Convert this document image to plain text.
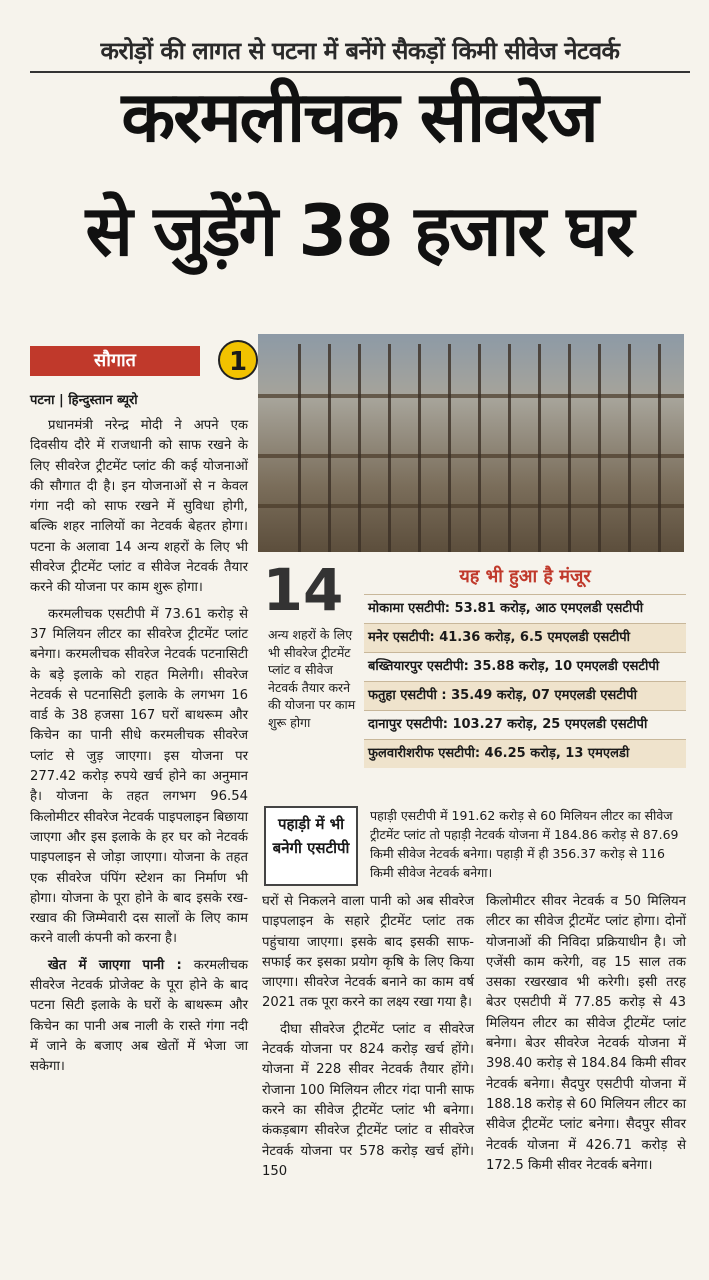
करोड़ों की लागत से पटना में बनेंगे सैकड़ों किमी सीवेज नेटवर्क
करमलीचक सीवरेज
से जुड़ेंगे 38 हजार घर
सौगात	1
पटना | हिन्दुस्तान ब्यूरो

प्रधानमंत्री नरेन्द्र मोदी ने अपने एक दिवसीय दौरे में राजधानी को साफ रखने के लिए सीवरेज ट्रीटमेंट प्लांट की कई योजनाओं की सौगात दी है। इन योजनाओं से न केवल गंगा नदी को साफ रखने में सुविधा होगी, बल्कि शहर नालियों का नेटवर्क बेहतर होगा। पटना के अलावा 14 अन्य शहरों के लिए भी सीवरेज ट्रीटमेंट प्लांट व सीवेज नेटवर्क तैयार करने की योजना पर काम शुरू होगा।

करमलीचक एसटीपी में 73.61 करोड़ से 37 मिलियन लीटर का सीवरेज ट्रीटमेंट प्लांट बनेगा। करमलीचक सीवरेज नेटवर्क पटनासिटी के बड़े इलाके को राहत मिलेगी। सीवरेज नेटवर्क से पटनासिटी इलाके के लगभग 16 वार्ड के 38 हजसा 167 घरों बाथरूम और किचेन का पानी सीधे करमलीचक सीवरेज प्लांट से जुड़ जाएगा। इस योजना पर 277.42 करोड़ रुपये खर्च होने का अनुमान है। योजना के तहत लगभग 96.54 किलोमीटर सीवरेज नेटवर्क पाइपलाइन बिछाया जाएगा और इस इलाके के हर घर को नेटवर्क पाइपलाइन से जोड़ा जाएगा। योजना के तहत एक सीवरेज पंपिंग स्टेशन का निर्माण भी होगा। योजना के पूरा होने के बाद इसके रख-रखाव की जिम्मेवारी दस सालों के लिए काम करने वाली कंपनी को करना है।

खेत में जाएगा पानी : करमलीचक सीवरेज नेटवर्क प्रोजेक्ट के पूरा होने के बाद पटना सिटी इलाके के घरों के बाथरूम और किचेन का पानी अब नाली के रास्ते गंगा नदी में जाने के बजाए अब खेतों में भेजा जा सकेगा।

14
अन्य शहरों के लिए भी सीवरेज ट्रीटमेंट प्लांट व सीवेज नेटवर्क तैयार करने की योजना पर काम शुरू होगा
यह भी हुआ है मंजूर
मोकामा एसटीपी: 53.81 करोड़, आठ एमएलडी एसटीपी
मनेर एसटीपी: 41.36 करोड़, 6.5 एमएलडी एसटीपी
बख्तियारपुर एसटीपी: 35.88 करोड़, 10 एमएलडी एसटीपी
फतुहा एसटीपी : 35.49 करोड़, 07 एमएलडी एसटीपी
दानापुर एसटीपी: 103.27 करोड़, 25 एमएलडी एसटीपी
फुलवारीशरीफ एसटीपी: 46.25 करोड़, 13 एमएलडी
पहाड़ी में भी बनेगी एसटीपी
पहाड़ी एसटीपी में 191.62 करोड़ से 60 मिलियन लीटर का सीवेज ट्रीटमेंट प्लांट तो पहाड़ी नेटवर्क योजना में 184.86 करोड़ से 87.69 किमी सीवेज नेटवर्क बनेगा। पहाड़ी में ही 356.37 करोड़ से 116 किमी सीवेज नेटवर्क बनेगा।

घरों से निकलने वाला पानी को अब सीवरेज पाइपलाइन के सहारे ट्रीटमेंट प्लांट तक पहुंचाया जाएगा। इसके बाद इसकी साफ-सफाई कर इसका प्रयोग कृषि के लिए किया जाएगा। सीवरेज नेटवर्क बनाने का काम वर्ष 2021 तक पूरा करने का लक्ष्य रखा गया है।

दीघा सीवरेज ट्रीटमेंट प्लांट व सीवरेज नेटवर्क योजना पर 824 करोड़ खर्च होंगे। योजना में 228 सीवर नेटवर्क तैयार होंगे। रोजाना 100 मिलियन लीटर गंदा पानी साफ करने का सीवेज ट्रीटमेंट प्लांट भी बनेगा। कंकड़बाग सीवरेज ट्रीटमेंट प्लांट व सीवरेज नेटवर्क योजना पर 578 करोड़ खर्च होंगे। 150

किलोमीटर सीवर नेटवर्क व 50 मिलियन लीटर का सीवेज ट्रीटमेंट प्लांट होगा। दोनों योजनाओं की निविदा प्रक्रियाधीन है। जो एजेंसी काम करेगी, वह 15 साल तक उसका रखरखाव भी करेगी। इसी तरह बेउर एसटीपी में 77.85 करोड़ से 43 मिलियन लीटर का सीवेज ट्रीटमेंट प्लांट बनेगा। बेउर सीवरेज नेटवर्क योजना में 398.40 करोड़ से 184.84 किमी सीवर नेटवर्क बनेगा। सैदपुर एसटीपी योजना में 188.18 करोड़ से 60 मिलियन लीटर का सीवेज ट्रीटमेंट प्लांट बनेगा। सैदपुर सीवर नेटवर्क योजना में 426.71 करोड़ से 172.5 किमी सीवर नेटवर्क बनेगा।
